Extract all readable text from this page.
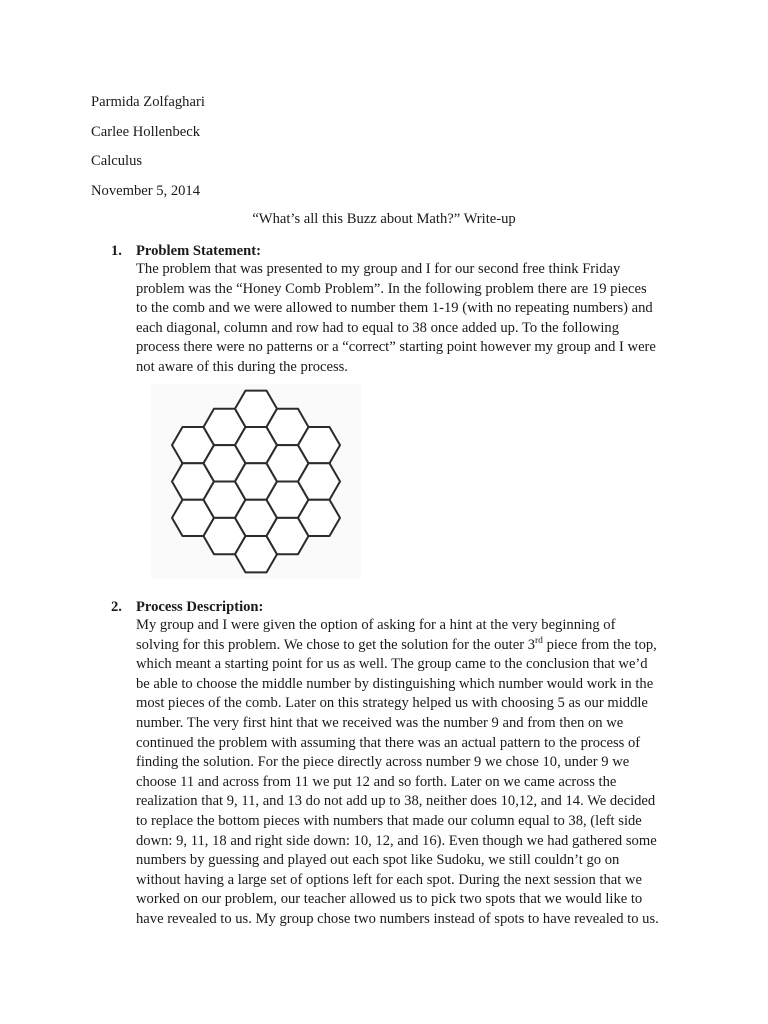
Parmida Zolfaghari
Carlee Hollenbeck
Calculus
November 5, 2014
“What’s all this Buzz about Math?” Write-up
1. Problem Statement:
The problem that was presented to my group and I for our second free think Friday
problem was the “Honey Comb Problem”. In the following problem there are 19 pieces
to the comb and we were allowed to number them 1-19 (with no repeating numbers) and
each diagonal, column and row had to equal to 38 once added up. To the following
process there were no patterns or a “correct” starting point however my group and I were
not aware of this during the process.
2. Process Description:
My group and I were given the option of asking for a hint at the very beginning of
solving for this problem. We chose to get the solution for the outer 3rd piece from the top,
which meant a starting point for us as well. The group came to the conclusion that we’d
be able to choose the middle number by distinguishing which number would work in the
most pieces of the comb. Later on this strategy helped us with choosing 5 as our middle
number. The very first hint that we received was the number 9 and from then on we
continued the problem with assuming that there was an actual pattern to the process of
finding the solution. For the piece directly across number 9 we chose 10, under 9 we
choose 11 and across from 11 we put 12 and so forth. Later on we came across the
realization that 9, 11, and 13 do not add up to 38, neither does 10,12, and 14. We decided
to replace the bottom pieces with numbers that made our column equal to 38, (left side
down: 9, 11, 18 and right side down: 10, 12, and 16). Even though we had gathered some
numbers by guessing and played out each spot like Sudoku, we still couldn’t go on
without having a large set of options left for each spot. During the next session that we
worked on our problem, our teacher allowed us to pick two spots that we would like to
have revealed to us. My group chose two numbers instead of spots to have revealed to us.
